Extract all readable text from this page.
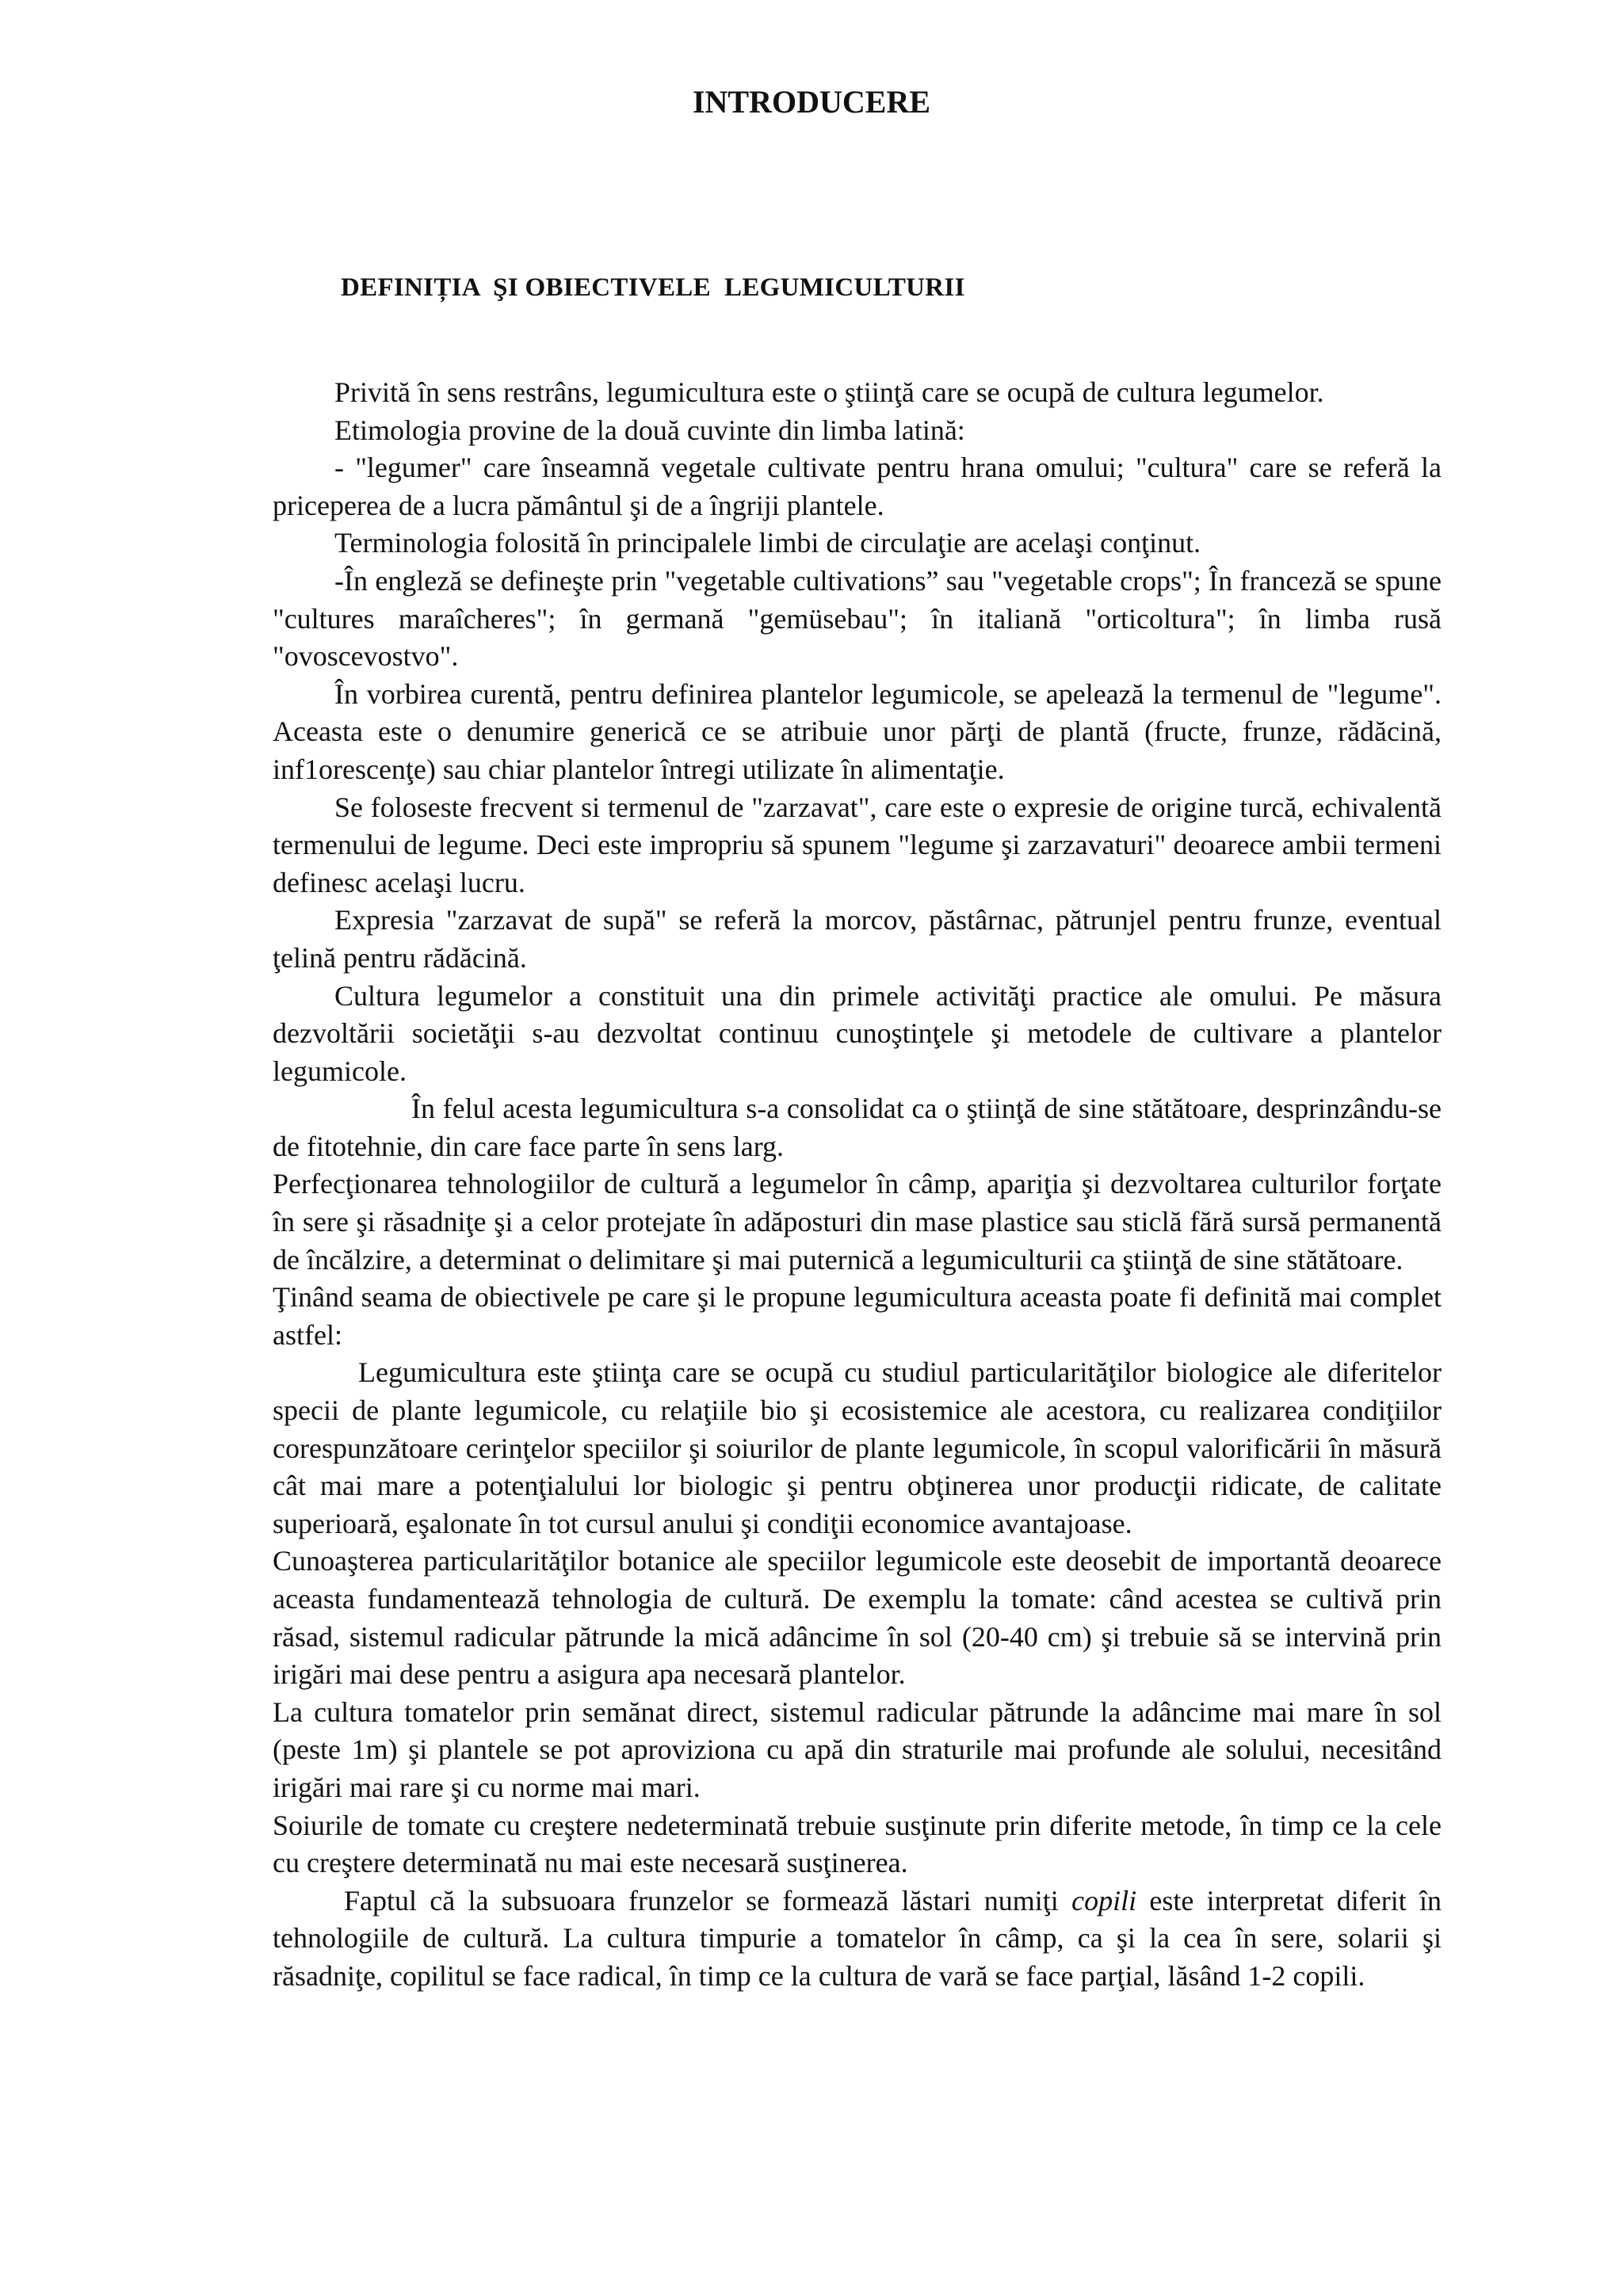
INTRODUCERE
DEFINIȚIA  ŞI OBIECTIVELE  LEGUMICULTURII

Privită în sens restrâns, legumicultura este o ştiinţă care se ocupă de cultura legumelor.

Etimologia provine de la două cuvinte din limba latină:

- "legumer" care înseamnă vegetale cultivate pentru hrana omului; "cultura" care se referă la priceperea de a lucra pământul şi de a îngriji plantele.

Terminologia folosită în principalele limbi de circulaţie are acelaşi conţinut.

-În engleză se defineşte prin "vegetable cultivations” sau "vegetable crops"; În franceză se spune "cultures maraîcheres"; în germană "gemüsebau"; în italiană "orticoltura"; în limba rusă "ovoscevostvo".

În vorbirea curentă, pentru definirea plantelor legumicole, se apelează la termenul de "legume". Aceasta este o denumire generică ce se atribuie unor părţi de plantă (fructe, frunze, rădăcină, inf1orescenţe) sau chiar plantelor întregi utilizate în alimentaţie.

Se foloseste frecvent si termenul de "zarzavat", care este o expresie de origine turcă, echivalentă termenului de legume. Deci este impropriu să spunem "legume şi zarzavaturi" deoarece ambii termeni definesc acelaşi lucru.

Expresia "zarzavat de supă" se referă la morcov, păstârnac, pătrunjel pentru frunze, eventual ţelină pentru rădăcină.

Cultura legumelor a constituit una din primele activităţi practice ale omului. Pe măsura dezvoltării societăţii s-au dezvoltat continuu cunoştinţele şi metodele de cultivare a plantelor legumicole.

În felul acesta legumicultura s-a consolidat ca o ştiinţă de sine stătătoare, desprinzându-se de fitotehnie, din care face parte în sens larg.

Perfecţionarea tehnologiilor de cultură a legumelor în câmp, apariţia şi dezvoltarea culturilor forţate în sere şi răsadniţe şi a celor protejate în adăposturi din mase plastice sau sticlă fără sursă permanentă de încălzire, a determinat o delimitare şi mai puternică a legumiculturii ca ştiinţă de sine stătătoare.

Ţinând seama de obiectivele pe care şi le propune legumicultura aceasta poate fi definită mai complet astfel:

Legumicultura este ştiinţa care se ocupă cu studiul particularităţilor biologice ale diferitelor specii de plante legumicole, cu relaţiile bio şi ecosistemice ale acestora, cu realizarea condiţiilor corespunzătoare cerinţelor speciilor şi soiurilor de plante legumicole, în scopul valorificării în măsură cât mai mare a potenţialului lor biologic şi pentru obţinerea unor producţii ridicate, de calitate superioară, eşalonate în tot cursul anului şi condiţii economice avantajoase.

Cunoaşterea particularităţilor botanice ale speciilor legumicole este deosebit de importantă deoarece aceasta fundamentează tehnologia de cultură. De exemplu la tomate: când acestea se cultivă prin răsad, sistemul radicular pătrunde la mică adâncime în sol (20-40 cm) şi trebuie să se intervină prin irigări mai dese pentru a asigura apa necesară plantelor.

La cultura tomatelor prin semănat direct, sistemul radicular pătrunde la adâncime mai mare în sol (peste 1m) şi plantele se pot aproviziona cu apă din straturile mai profunde ale solului, necesitând irigări mai rare şi cu norme mai mari.

Soiurile de tomate cu creştere nedeterminată trebuie susţinute prin diferite metode, în timp ce la cele cu creştere determinată nu mai este necesară susţinerea.

Faptul că la subsuoara frunzelor se formează lăstari numiţi copili este interpretat diferit în tehnologiile de cultură. La cultura timpurie a tomatelor în câmp, ca şi la cea în sere, solarii şi răsadniţe, copilitul se face radical, în timp ce la cultura de vară se face parţial, lăsând 1-2 copili.
